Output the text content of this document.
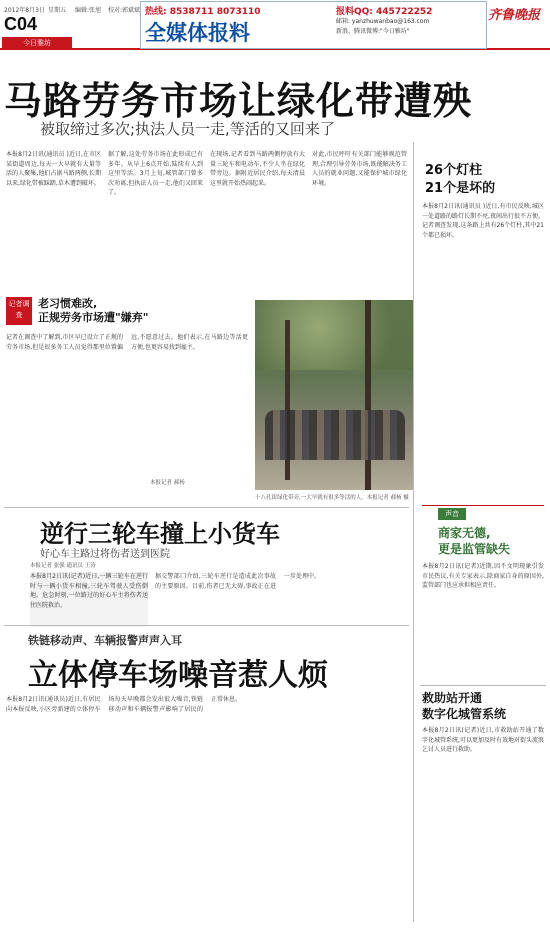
2012年8月3日 星期五 编辑:张旭 校对:郭斌斌
C04
今日雅坊
热线: 8538711 8073110
全媒体报料
报料QQ: 445722252
邮箱: yanzhuwanbao@163.com
新浪、腾讯微博:"今日雅坊"
齐鲁晚报
马路劳务市场让绿化带遭殃
被取缔过多次;执法人员一走,等活的又回来了
本报8月2日讯(通讯员 )近日,在市区某街道周边,每天一大早就有大量等活的人聚集,他们占据马路两侧,长期以来,绿化带被踩踏,草木遭到破坏。
据了解,这处劳务市场在此形成已有多年。从早上6点开始,陆续有人到这里等活。3月上旬,城管部门曾多次劝离,但执法人员一走,他们又回来了。
在现场,记者看到马路两侧停放有大量三轮车和电动车,不少人坐在绿化带旁边。据附近居民介绍,每天清晨这里就开始热闹起来。
对此,市民呼吁有关部门能够规范管理,合理引导劳务市场,既能解决务工人员的就业问题,又能保护城市绿化环境。
26个灯柱
21个是坏的
本报8月2日讯(通讯员 )近日,有市民反映,城区一处道路的路灯长期不亮,夜间出行很不方便。记者调查发现,这条路上共有26个灯柱,其中21个都已损坏。
记者调查
老习惯难改,
正规劳务市场遭"嫌弃"
记者在调查中了解到,市区早已设立了正规的劳务市场,但是很多务工人员觉得那里位置偏远,不愿意过去。他们表示,在马路边等活更方便,也更容易找到雇主。
本报记者 郝杨
十八孔街绿化带旁,一大早就有很多等活的人。本报记者 郝杨 摄
声音
商家无德,
更是监管缺失
本报8月2日讯(记者)近期,因不文明现象引发市民热议,有关专家表示,除商家自身的原因外,监管部门也应承担相应责任。
逆行三轮车撞上小货车
好心车主路过将伤者送到医院
本报记者 张强 通讯员 王涛
本报8月2日讯(记者)近日,一辆三轮车在逆行时与一辆小货车相撞,三轮车驾驶人受伤倒地。危急时刻,一位路过的好心车主将伤者送往医院救治。
据交警部门介绍,三轮车逆行是造成此次事故的主要原因。目前,伤者已无大碍,事故正在进一步处理中。
铁链移动声、车辆报警声声入耳
立体停车场噪音惹人烦
本报8月2日讯(通讯员)近日,有居民向本报反映,小区旁新建的立体停车场每天早晚都会发出很大噪音,铁链移动声和车辆报警声影响了居民的正常休息。	救助站开通
数字化城管系统
本报8月2日讯(记者)近日,市救助站开通了数字化城管系统,可以更加及时有效地对街头流浪乞讨人员进行救助。
